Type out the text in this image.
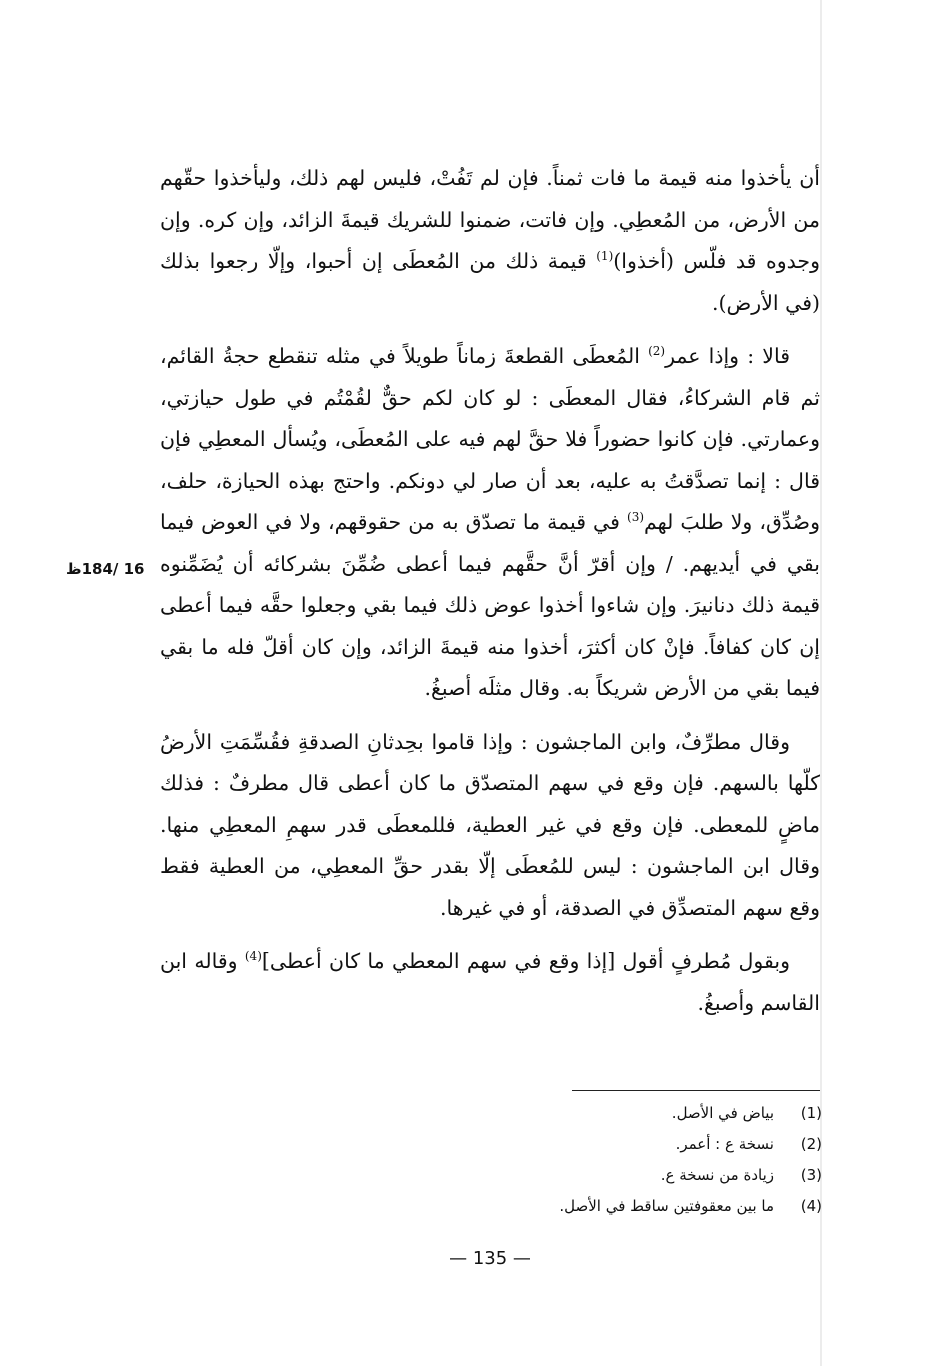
أن يأخذوا منه قيمة ما فات ثمناً. فإن لم تَفُتْ، فليس لهم ذلك، وليأخذوا حقّهم من الأرض، من المُعطِي. وإن فاتت، ضمنوا للشريك قيمةَ الزائد، وإن كره. وإن وجدوه قد فلّس (أخذوا)$^{(1)}$ قيمة ذلك من المُعطَى إن أحبوا، وإلّا رجعوا بذلك (في الأرض).

قالا : وإذا عمر$^{(2)}$ المُعطَى القطعةَ زماناً طويلاً في مثله تنقطع حجةُ القائم، ثم قام الشركاءُ، فقال المعطَى : لو كان لكم حقٌّ لقُمْتُم في طول حيازتي، وعمارتي. فإن كانوا حضوراً فلا حقَّ لهم فيه على المُعطَى، ويُسأل المعطِي فإن قال : إنما تصدَّقتُ به عليه، بعد أن صار لي دونكم. واحتج بهذه الحيازة، حلف، وصُدِّق، ولا طلبَ لهم$^{(3)}$ في قيمة ما تصدّق به من حقوقهم، ولا في العوض فيما بقي في أيديهم. / وإن أقرّ أنَّ حقَّهم فيما أعطى ضُمِّنَ بشركائه أن يُضَمِّنوه قيمة ذلك دنانيرَ. وإن شاءوا أخذوا عوض ذلك فيما بقي وجعلوا حقَّه فيما أعطى إن كان كفافاً. فإنْ كان أكثرَ، أخذوا منه قيمةَ الزائد، وإن كان أقلّ فله ما بقي فيما بقي من الأرض شريكاً به. وقال مثلَه أصبغُ.

وقال مطرِّفٌ، وابن الماجشون : وإذا قاموا بحِدثانِ الصدقةِ فقُسِّمَتِ الأرضُ كلّها بالسهم. فإن وقع في سهم المتصدّق ما كان أعطى قال مطرفٌ : فذلك ماضٍ للمعطى. فإن وقع في غير العطية، فللمعطَى قدر سهمِ المعطِي منها. وقال ابن الماجشون : ليس للمُعطَى إلّا بقدر حقِّ المعطِي، من العطية فقط وقع سهم المتصدِّق في الصدقة، أو في غيرها.

وبقول مُطرفٍ أقول [إذا وقع في سهم المعطي ما كان أعطى]$^{(4)}$ وقاله ابن القاسم وأصبغُ.

16 /184ظ
(1)
بياض في الأصل.
(2)
نسخة ع : أعمر.
(3)
زيادة من نسخة ع.
(4)
ما بين معقوفتين ساقط في الأصل.
— 135 —
